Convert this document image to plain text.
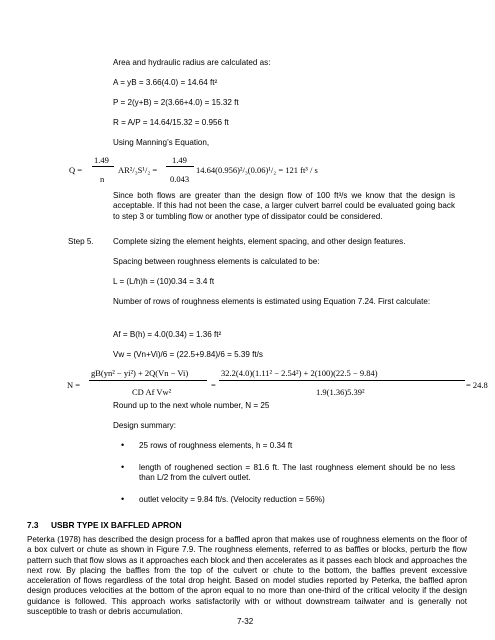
Area and hydraulic radius are calculated as:
A = yB = 3.66(4.0) = 14.64 ft²
P = 2(y+B) = 2(3.66+4.0) = 15.32 ft
R = A/P = 14.64/15.32 = 0.956 ft
Using Manning’s Equation,
Q =
1.49
n
AR²/₃S¹/₂ =
1.49
0.043
14.64(0.956)²/₃(0.06)¹/₂ = 121 ft³ / s
Since both flows are greater than the design flow of 100 ft³/s we know that the design is acceptable. If this had not been the case, a larger culvert barrel could be evaluated going back to step 3 or tumbling flow or another type of dissipator could be considered.
Step 5. Complete sizing the element heights, element spacing, and other design features.
Spacing between roughness elements is calculated to be:
L = (L/h)h = (10)0.34 = 3.4 ft
Number of rows of roughness elements is estimated using Equation 7.24. First calculate:
Af = B(h) = 4.0(0.34) = 1.36 ft²
Vw = (Vn+Vi)/6 = (22.5+9.84)/6 = 5.39 ft/s
N =
gB(yn² − yi²) + 2Q(Vn − Vi)
CD Af Vw²
=
32.2(4.0)(1.11² − 2.54²) + 2(100)(22.5 − 9.84)
1.9(1.36)5.39²
= 24.8
Round up to the next whole number, N = 25
Design summary:
• 25 rows of roughness elements, h = 0.34 ft
• length of roughened section = 81.6 ft. The last roughness element should be no less than L/2 from the culvert outlet.
• outlet velocity = 9.84 ft/s. (Velocity reduction = 56%)
7.3 USBR TYPE IX BAFFLED APRON
Peterka (1978) has described the design process for a baffled apron that makes use of roughness elements on the floor of a box culvert or chute as shown in Figure 7.9. The roughness elements, referred to as baffles or blocks, perturb the flow pattern such that flow slows as it approaches each block and then accelerates as it passes each block and approaches the next row. By placing the baffles from the top of the culvert or chute to the bottom, the baffles prevent excessive acceleration of flows regardless of the total drop height. Based on model studies reported by Peterka, the baffled apron design produces velocities at the bottom of the apron equal to no more than one-third of the critical velocity if the design guidance is followed. This approach works satisfactorily with or without downstream tailwater and is generally not susceptible to trash or debris accumulation.
7-32
